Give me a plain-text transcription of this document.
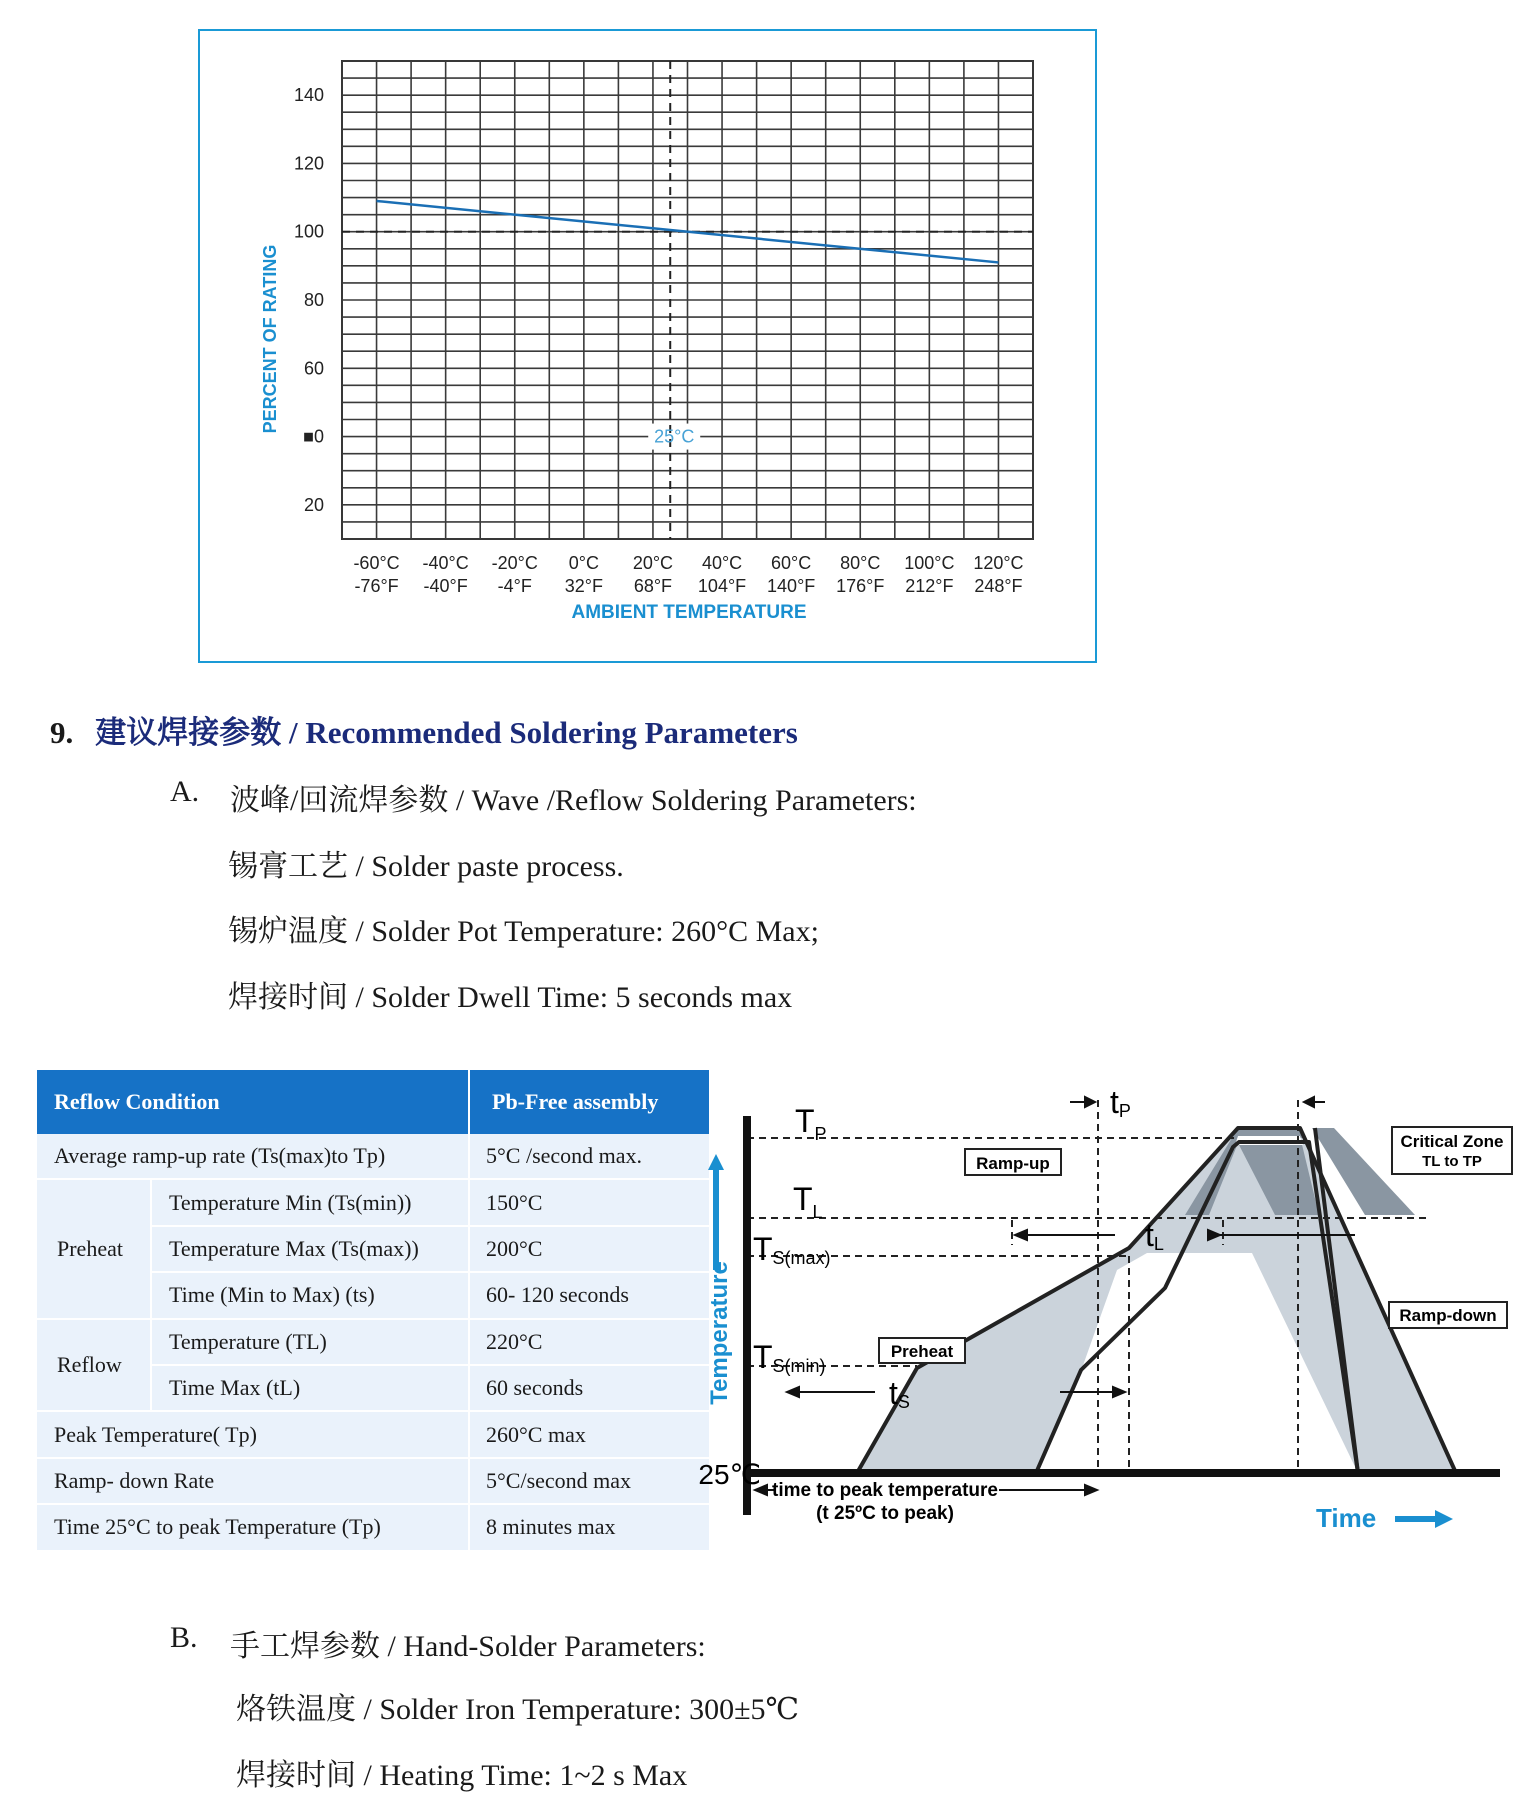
25°C
140
120
100
80
60
■0
20
-60°C
-76°F
-40°C
-40°F
-20°C
-4°F
0°C
32°F
20°C
68°F
40°C
104°F
60°C
140°F
80°C
176°F
100°C
212°F
120°C
248°F
PERCENT OF RATING
AMBIENT TEMPERATURE
9. 建议焊接参数 / Recommended Soldering Parameters
A. 波峰/回流焊参数 / Wave /Reflow Soldering Parameters:
锡膏工艺 / Solder paste process.
锡炉温度 / Solder Pot Temperature: 260°C Max;
焊接时间 / Solder Dwell Time: 5 seconds max
Reflow Condition		Pb-Free assembly
Average ramp-up rate (Ts(max)to Tp)		5°C /second max.
Preheat	Temperature Min (Ts(min))	150°C
	Temperature Max (Ts(max))	200°C
	Time (Min to Max) (ts)	60- 120 seconds
Reflow	Temperature (TL)	220°C
	Time Max (tL)	60 seconds
Peak Temperature( Tp)		260°C max
Ramp- down Rate		5°C/second max
Time 25°C to peak Temperature (Tp)		8 minutes max
Temperature
Time
$T_P$
$T_L$
TS(max)
TS(min)
25℃
tP
tL
tS
Ramp-up
Preheat
Ramp-down
Critical Zone
TL to TP
time to peak temperature
(t 25ºC to peak)
B. 手工焊参数 / Hand-Solder Parameters:
烙铁温度 / Solder Iron Temperature: 300±5℃
焊接时间 / Heating Time: 1~2 s Max
